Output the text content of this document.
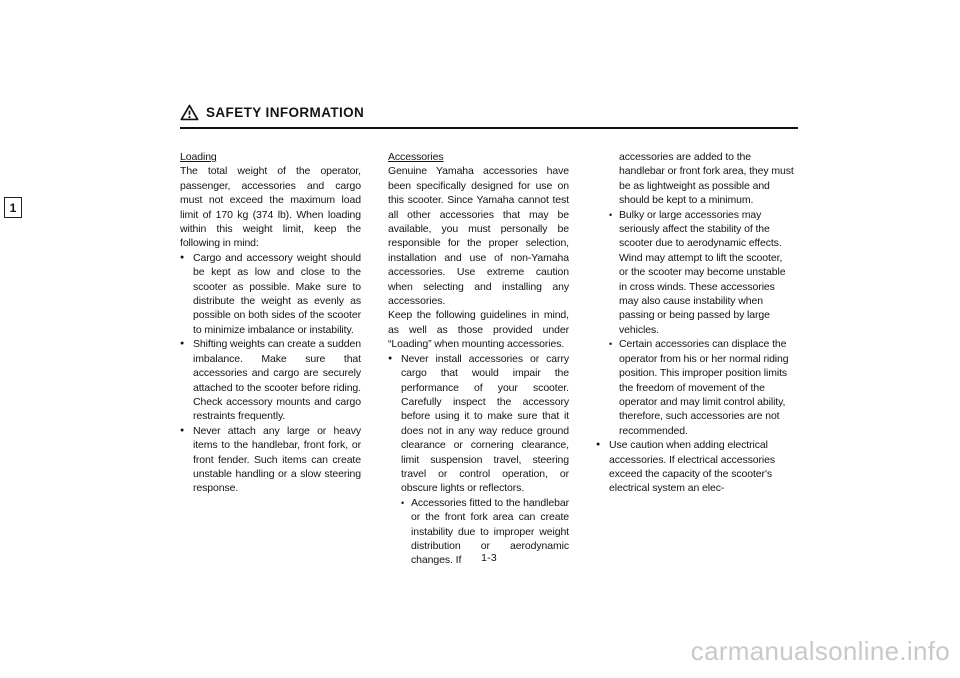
SAFETY INFORMATION
1
Loading
The total weight of the operator, passenger, accessories and cargo must not exceed the maximum load limit of 170 kg (374 lb). When loading within this weight limit, keep the following in mind:
● Cargo and accessory weight should be kept as low and close to the scooter as possible. Make sure to distribute the weight as evenly as possible on both sides of the scooter to minimize imbalance or instability.
● Shifting weights can create a sudden imbalance. Make sure that accessories and cargo are securely attached to the scooter before riding. Check accessory mounts and cargo restraints frequently.
● Never attach any large or heavy items to the handlebar, front fork, or front fender. Such items can create unstable handling or a slow steering response.
Accessories
Genuine Yamaha accessories have been specifically designed for use on this scooter. Since Yamaha cannot test all other accessories that may be available, you must personally be responsible for the proper selection, installation and use of non-Yamaha accessories. Use extreme caution when selecting and installing any accessories.
Keep the following guidelines in mind, as well as those provided under “Loading” when mounting accessories.
● Never install accessories or carry cargo that would impair the performance of your scooter. Carefully inspect the accessory before using it to make sure that it does not in any way reduce ground clearance or cornering clearance, limit suspension travel, steering travel or control operation, or obscure lights or reflectors.
• Accessories fitted to the handlebar or the front fork area can create instability due to improper weight distribution or aerodynamic changes. If
accessories are added to the handlebar or front fork area, they must be as lightweight as possible and should be kept to a minimum.
• Bulky or large accessories may seriously affect the stability of the scooter due to aerodynamic effects. Wind may attempt to lift the scooter, or the scooter may become unstable in cross winds. These accessories may also cause instability when passing or being passed by large vehicles.
• Certain accessories can displace the operator from his or her normal riding position. This improper position limits the freedom of movement of the operator and may limit control ability, therefore, such accessories are not recommended.
● Use caution when adding electrical accessories. If electrical accessories exceed the capacity of the scooter's electrical system an elec-
1-3
carmanualsonline.info
